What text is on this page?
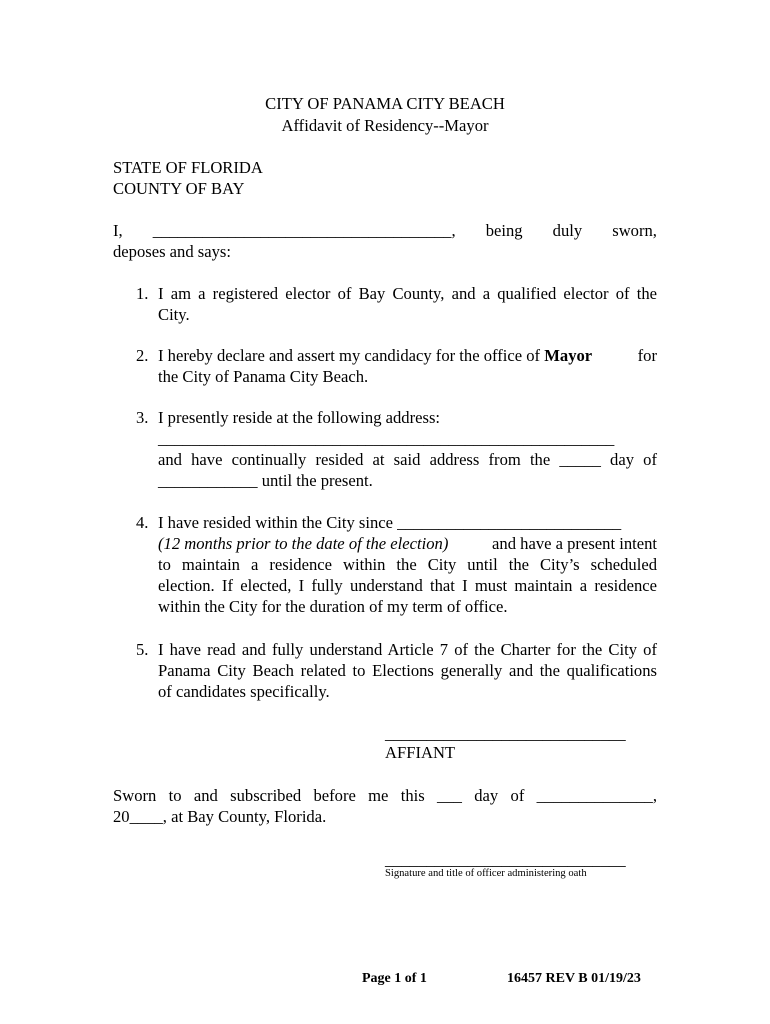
CITY OF PANAMA CITY BEACH
Affidavit of Residency--Mayor
STATE OF FLORIDA
COUNTY OF BAY
I, ____________________________________, being duly sworn,
deposes and says:
1. I am a registered elector of Bay County, and a qualified elector of the
City.
2. I hereby declare and assert my candidacy for the office of Mayor	for
the City of Panama City Beach.
3. I presently reside at the following address:
_______________________________________________________
and have continually resided at said address from the _____ day of
____________ until the present.
4. I have resided within the City since ___________________________
(12 months prior to the date of the election)	and have a present intent
to maintain a residence within the City until the City’s scheduled
election. If elected, I fully understand that I must maintain a residence
within the City for the duration of my term of office.
5. I have read and fully understand Article 7 of the Charter for the City of
Panama City Beach related to Elections generally and the qualifications
of candidates specifically.
_____________________________
AFFIANT
Sworn to and subscribed before me this ___ day of ______________,
20____, at Bay County, Florida.
_____________________________
Signature and title of officer administering oath
Page 1 of 1	16457 REV B 01/19/23
